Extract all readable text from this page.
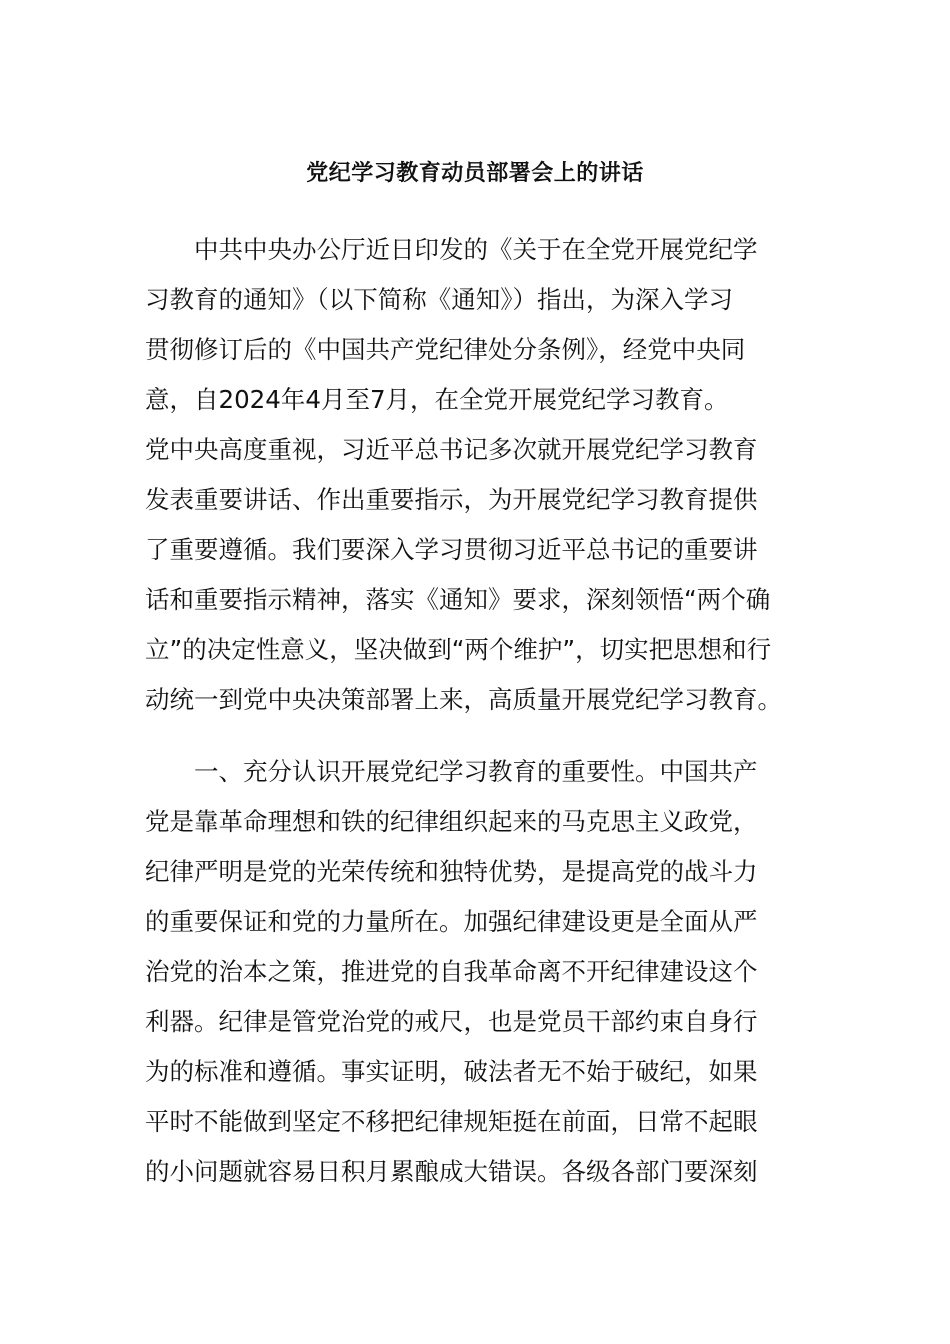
党纪学习教育动员部署会上的讲话
中共中央办公厅近日印发的《关于在全党开展党纪学
习教育的通知》（以下简称《通知》）指出，为深入学习
贯彻修订后的《中国共产党纪律处分条例》，经党中央同
意，自2024年4月至7月，在全党开展党纪学习教育。
党中央高度重视，习近平总书记多次就开展党纪学习教育
发表重要讲话、作出重要指示，为开展党纪学习教育提供
了重要遵循。我们要深入学习贯彻习近平总书记的重要讲
话和重要指示精神，落实《通知》要求，深刻领悟“两个确
立”的决定性意义，坚决做到“两个维护”，切实把思想和行
动统一到党中央决策部署上来，高质量开展党纪学习教育。
一、充分认识开展党纪学习教育的重要性。中国共产
党是靠革命理想和铁的纪律组织起来的马克思主义政党，
纪律严明是党的光荣传统和独特优势，是提高党的战斗力
的重要保证和党的力量所在。加强纪律建设更是全面从严
治党的治本之策，推进党的自我革命离不开纪律建设这个
利器。纪律是管党治党的戒尺，也是党员干部约束自身行
为的标准和遵循。事实证明，破法者无不始于破纪，如果
平时不能做到坚定不移把纪律规矩挺在前面，日常不起眼
的小问题就容易日积月累酿成大错误。各级各部门要深刻
